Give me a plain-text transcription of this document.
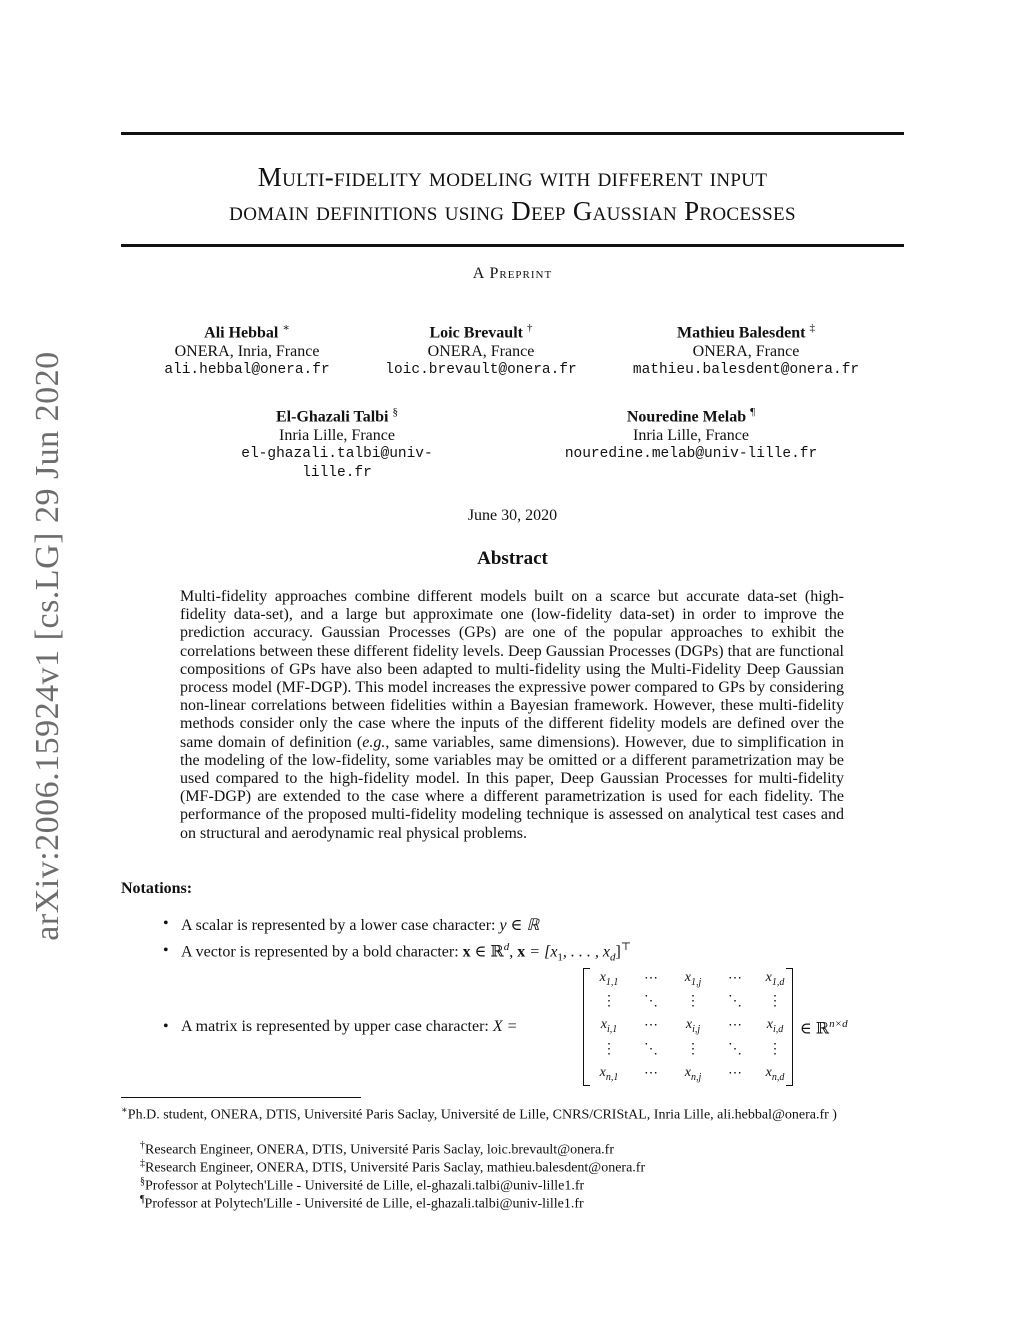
arXiv:2006.15924v1 [cs.LG] 29 Jun 2020
Multi-fidelity modeling with different input
domain definitions using Deep Gaussian Processes
A Preprint
Ali Hebbal ∗
ONERA, Inria, France
ali.hebbal@onera.fr
Loic Brevault †
ONERA, France
loic.brevault@onera.fr
Mathieu Balesdent ‡
ONERA, France
mathieu.balesdent@onera.fr
El-Ghazali Talbi §
Inria Lille, France
el-ghazali.talbi@univ-lille.fr
Nouredine Melab ¶
Inria Lille, France
nouredine.melab@univ-lille.fr
June 30, 2020
Abstract
Multi-fidelity approaches combine different models built on a scarce but accurate data-set (high-fidelity data-set), and a large but approximate one (low-fidelity data-set) in order to improve the prediction accuracy. Gaussian Processes (GPs) are one of the popular approaches to exhibit the correlations between these different fidelity levels. Deep Gaussian Processes (DGPs) that are functional compositions of GPs have also been adapted to multi-fidelity using the Multi-Fidelity Deep Gaussian process model (MF-DGP). This model increases the expressive power compared to GPs by considering non-linear correlations between fidelities within a Bayesian framework. However, these multi-fidelity methods consider only the case where the inputs of the different fidelity models are defined over the same domain of definition (e.g., same variables, same dimensions). However, due to simplification in the modeling of the low-fidelity, some variables may be omitted or a different parametrization may be used compared to the high-fidelity model. In this paper, Deep Gaussian Processes for multi-fidelity (MF-DGP) are extended to the case where a different parametrization is used for each fidelity. The performance of the proposed multi-fidelity modeling technique is assessed on analytical test cases and on structural and aerodynamic real physical problems.
Notations:
• A scalar is represented by a lower case character: y ∈ ℝ
• A vector is represented by a bold character: x ∈ ℝ$^d$, $x = [x_1$, . . . , $x_d]^⊤$
• A matrix is represented by upper case character: X =
$x_{1,1}$	⋯	$x_{1,j}$	⋯	$x_{1,d}$
⋮	⋱	⋮	⋱	⋮
$x_{i,1}$	⋯	$x_{i,j}$	⋯	$x_{i,d}$
⋮	⋱	⋮	⋱	⋮
$x_{n,1}$	⋯	$x_{n,j}$	⋯	$x_{n,d}$
∈ ℝ$^{n\times d}$
∗Ph.D. student, ONERA, DTIS, Université Paris Saclay, Université de Lille, CNRS/CRIStAL, Inria Lille, ali.hebbal@onera.fr )
†Research Engineer, ONERA, DTIS, Université Paris Saclay, loic.brevault@onera.fr
‡Research Engineer, ONERA, DTIS, Université Paris Saclay, mathieu.balesdent@onera.fr
§Professor at Polytech'Lille - Université de Lille, el-ghazali.talbi@univ-lille1.fr
¶Professor at Polytech'Lille - Université de Lille, el-ghazali.talbi@univ-lille1.fr
